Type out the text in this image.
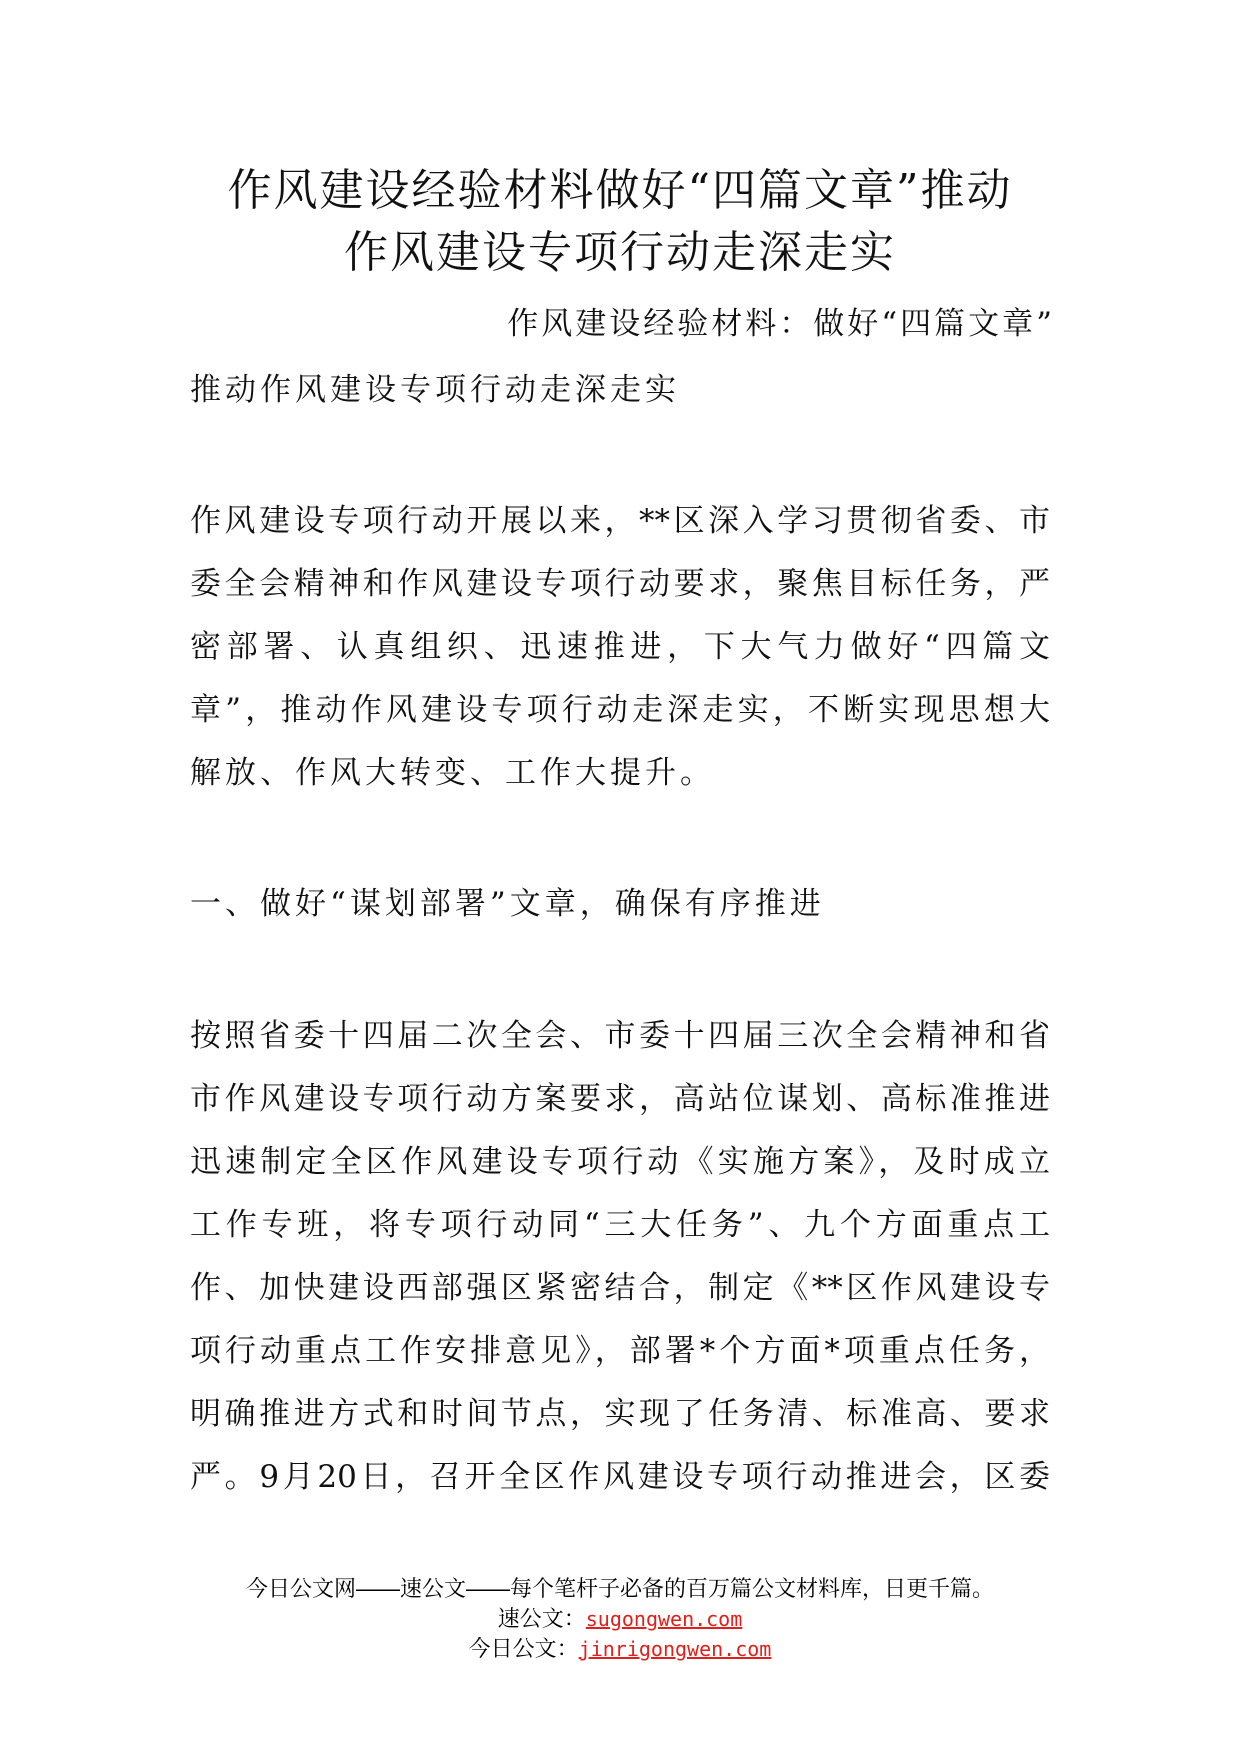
作风建设经验材料做好“四篇文章”推动
作风建设专项行动走深走实

作风建设经验材料：做好“四篇文章”

推动作风建设专项行动走深走实

作风建设专项行动开展以来，**区深入学习贯彻省委、市

委全会精神和作风建设专项行动要求，聚焦目标任务，严

密部署、认真组织、迅速推进，下大气力做好“四篇文

章”，推动作风建设专项行动走深走实，不断实现思想大

解放、作风大转变、工作大提升。

一、做好“谋划部署”文章，确保有序推进

按照省委十四届二次全会、市委十四届三次全会精神和省

市作风建设专项行动方案要求，高站位谋划、高标准推进

迅速制定全区作风建设专项行动《实施方案》，及时成立

工作专班，将专项行动同“三大任务”、九个方面重点工

作、加快建设西部强区紧密结合，制定《**区作风建设专

项行动重点工作安排意见》，部署*个方面*项重点任务，

明确推进方式和时间节点，实现了任务清、标准高、要求

严。9月20日，召开全区作风建设专项行动推进会，区委

今日公文网——速公文——每个笔杆子必备的百万篇公文材料库，日更千篇。
速公文：sugongwen.com
今日公文：jinrigongwen.com
